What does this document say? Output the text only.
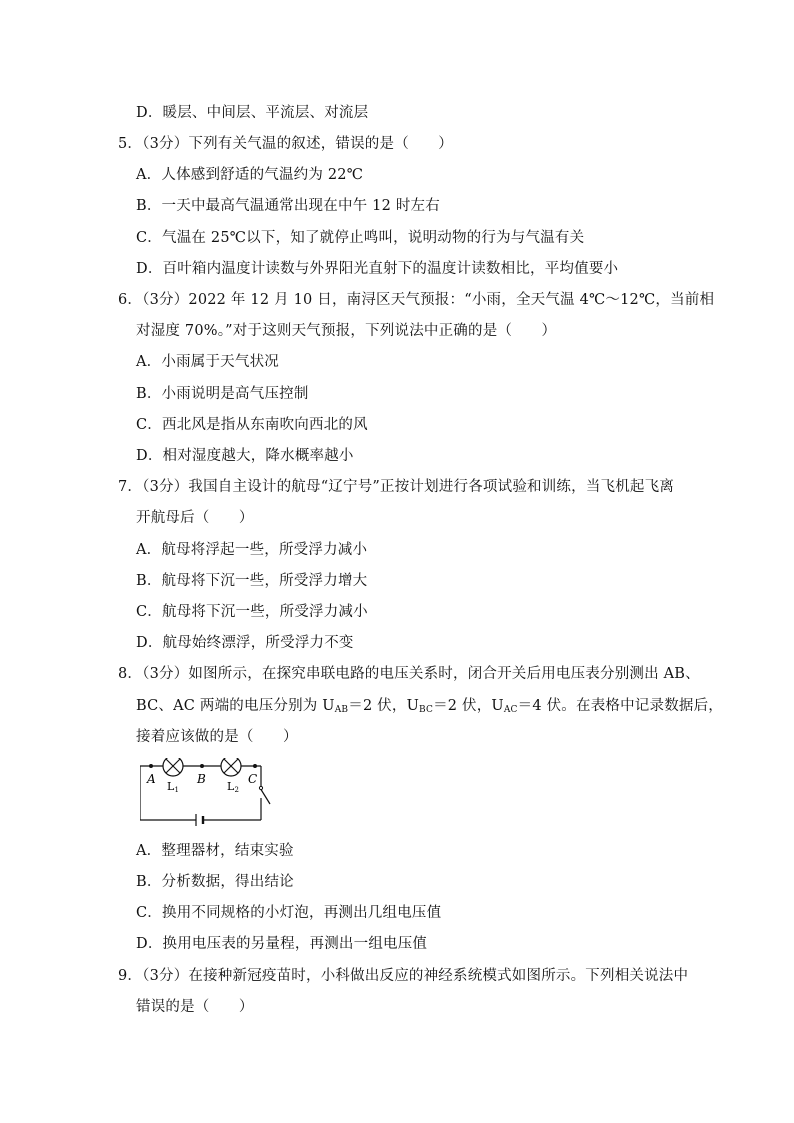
D．暖层、中间层、平流层、对流层
5．（3分）下列有关气温的叙述，错误的是（　　）
A．人体感到舒适的气温约为 22℃
B．一天中最高气温通常出现在中午 12 时左右
C．气温在 25℃以下，知了就停止鸣叫，说明动物的行为与气温有关
D．百叶箱内温度计读数与外界阳光直射下的温度计读数相比，平均值要小
6．（3分）2022 年 12 月 10 日，南浔区天气预报：“小雨，全天气温 4℃～12℃，当前相
对湿度 70%。”对于这则天气预报，下列说法中正确的是（　　）
A．小雨属于天气状况
B．小雨说明是高气压控制
C．西北风是指从东南吹向西北的风
D．相对湿度越大，降水概率越小
7．（3分）我国自主设计的航母“辽宁号”正按计划进行各项试验和训练，当飞机起飞离
开航母后（　　）
A．航母将浮起一些，所受浮力减小
B．航母将下沉一些，所受浮力增大
C．航母将下沉一些，所受浮力减小
D．航母始终漂浮，所受浮力不变
8．（3分）如图所示，在探究串联电路的电压关系时，闭合开关后用电压表分别测出 AB、
BC、AC 两端的电压分别为 $U_{AB}=2$ 伏，$U_{BC}=2$ 伏，$U_{AC}=4$ 伏。在表格中记录数据后，
接着应该做的是（　　）
A	B	C
L1	L2
A．整理器材，结束实验
B．分析数据，得出结论
C．换用不同规格的小灯泡，再测出几组电压值
D．换用电压表的另量程，再测出一组电压值
9．（3分）在接种新冠疫苗时，小科做出反应的神经系统模式如图所示。下列相关说法中
错误的是（　　）
